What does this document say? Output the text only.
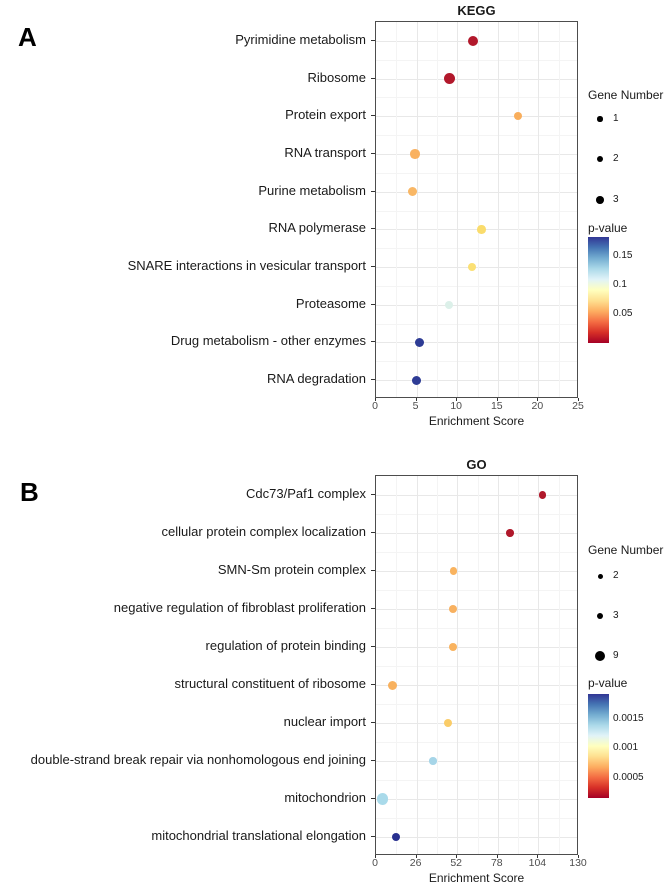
A
KEGG
Enrichment Score
Gene Number
p-value
Pyrimidine metabolism
Ribosome
Protein export
RNA transport
Purine metabolism
RNA polymerase
SNARE interactions in vesicular transport
Proteasome
Drug metabolism - other enzymes
RNA degradation
0	5	10	15	20	25
1
2
3
0.15
0.1
0.05
B
GO
Enrichment Score
Gene Number
p-value
Cdc73/Paf1 complex
cellular protein complex localization
SMN-Sm protein complex
negative regulation of fibroblast proliferation
regulation of protein binding
structural constituent of ribosome
nuclear import
double-strand break repair via nonhomologous end joining
mitochondrion
mitochondrial translational elongation
0	26	52	78	104	130
2
3
9
0.0015
0.001
0.0005
